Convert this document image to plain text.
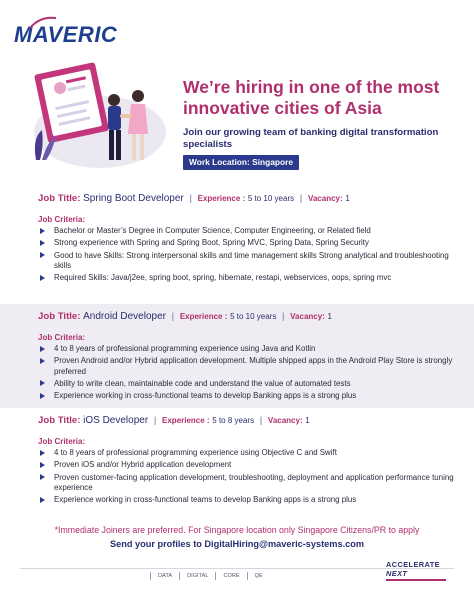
MAVERIC
We’re hiring in one of the most innovative cities of Asia
Join our growing team of banking digital transformation specialists
Work Location: Singapore
Job Title: Spring Boot Developer | Experience : 5 to 10 years | Vacancy: 1
Job Criteria:
Bachelor or Master’s Degree in Computer Science, Computer Engineering, or Related field
Strong experience with Spring and Spring Boot, Spring MVC, Spring Data, Spring Security
Good to have Skills: Strong interpersonal skills and time management skills Strong analytical and troubleshooting skills
Required Skills: Java/j2ee, spring boot, spring, hibernate, restapi, webservices, oops, spring mvc
Job Title: Android Developer | Experience : 5 to 10 years | Vacancy: 1
Job Criteria:
4 to 8 years of professional programming experience using Java and Kotlin
Proven Android and/or Hybrid application development. Multiple shipped apps in the Android Play Store is strongly preferred
Ability to write clean, maintainable code and understand the value of automated tests
Experience working in cross-functional teams to develop Banking apps is a strong plus
Job Title: iOS Developer | Experience : 5 to 8 years | Vacancy: 1
Job Criteria:
4 to 8 years of professional programming experience using Objective C and Swift
Proven iOS and/or Hybrid application development
Proven customer-facing application development, troubleshooting, deployment and application performance tuning experience
Experience working in cross-functional teams to develop Banking apps is a strong plus
*Immediate Joiners are preferred. For Singapore location only Singapore Citizens/PR to apply
Send your profiles to DigitalHiring@maveric-systems.com
DATA	DIGITAL	CORE	QE
ACCELERATE
NEXT
